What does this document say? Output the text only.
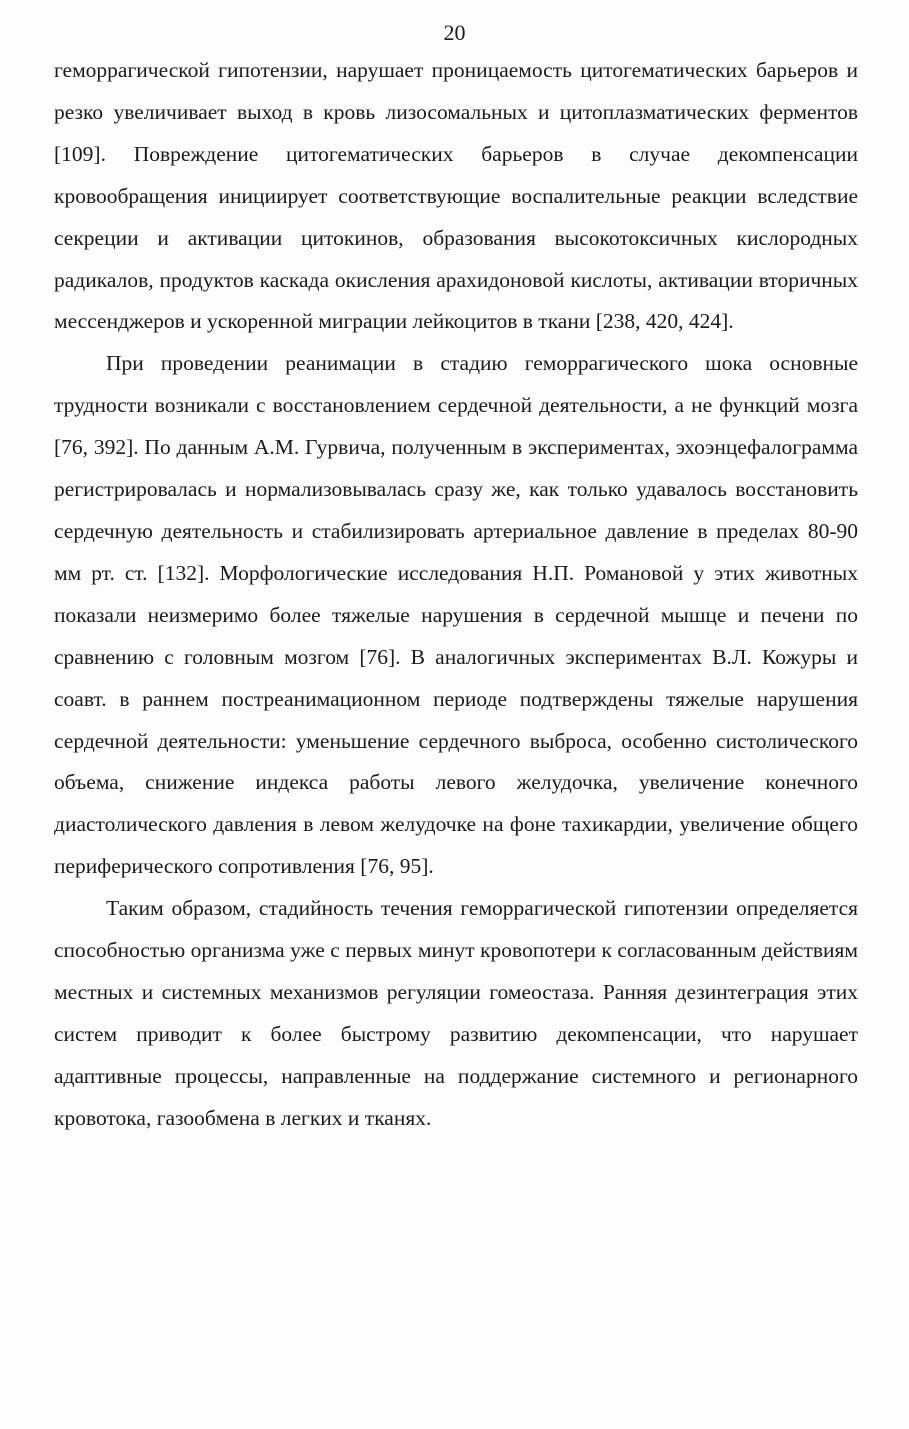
20

геморрагической гипотензии, нарушает проницаемость цитогематических барьеров и резко увеличивает выход в кровь лизосомальных и цитоплазматических ферментов [109]. Повреждение цитогематических барьеров в случае декомпенсации кровообращения инициирует соответствующие воспалительные реакции вследствие секреции и активации цитокинов, образования высокотоксичных кислородных радикалов, продуктов каскада окисления арахидоновой кислоты, активации вторичных мессенджеров и ускоренной миграции лейкоцитов в ткани [238, 420, 424].

При проведении реанимации в стадию геморрагического шока основные трудности возникали с восстановлением сердечной деятельности, а не функций мозга [76, 392]. По данным А.М. Гурвича, полученным в экспериментах, эхоэнцефалограмма регистрировалась и нормализовывалась сразу же, как только удавалось восстановить сердечную деятельность и стабилизировать артериальное давление в пределах 80-90 мм рт. ст. [132]. Морфологические исследования Н.П. Романовой у этих животных показали неизмеримо более тяжелые нарушения в сердечной мышце и печени по сравнению с головным мозгом [76]. В аналогичных экспериментах В.Л. Кожуры и соавт. в раннем постреанимационном периоде подтверждены тяжелые нарушения сердечной деятельности: уменьшение сердечного выброса, особенно систолического объема, снижение индекса работы левого желудочка, увеличение конечного диастолического давления в левом желудочке на фоне тахикардии, увеличение общего периферического сопротивления [76, 95].

Таким образом, стадийность течения геморрагической гипотензии определяется способностью организма уже с первых минут кровопотери к согласованным действиям местных и системных механизмов регуляции гомеостаза. Ранняя дезинтеграция этих систем приводит к более быстрому развитию декомпенсации, что нарушает адаптивные процессы, направленные на поддержание системного и регионарного кровотока, газообмена в легких и тканях.
